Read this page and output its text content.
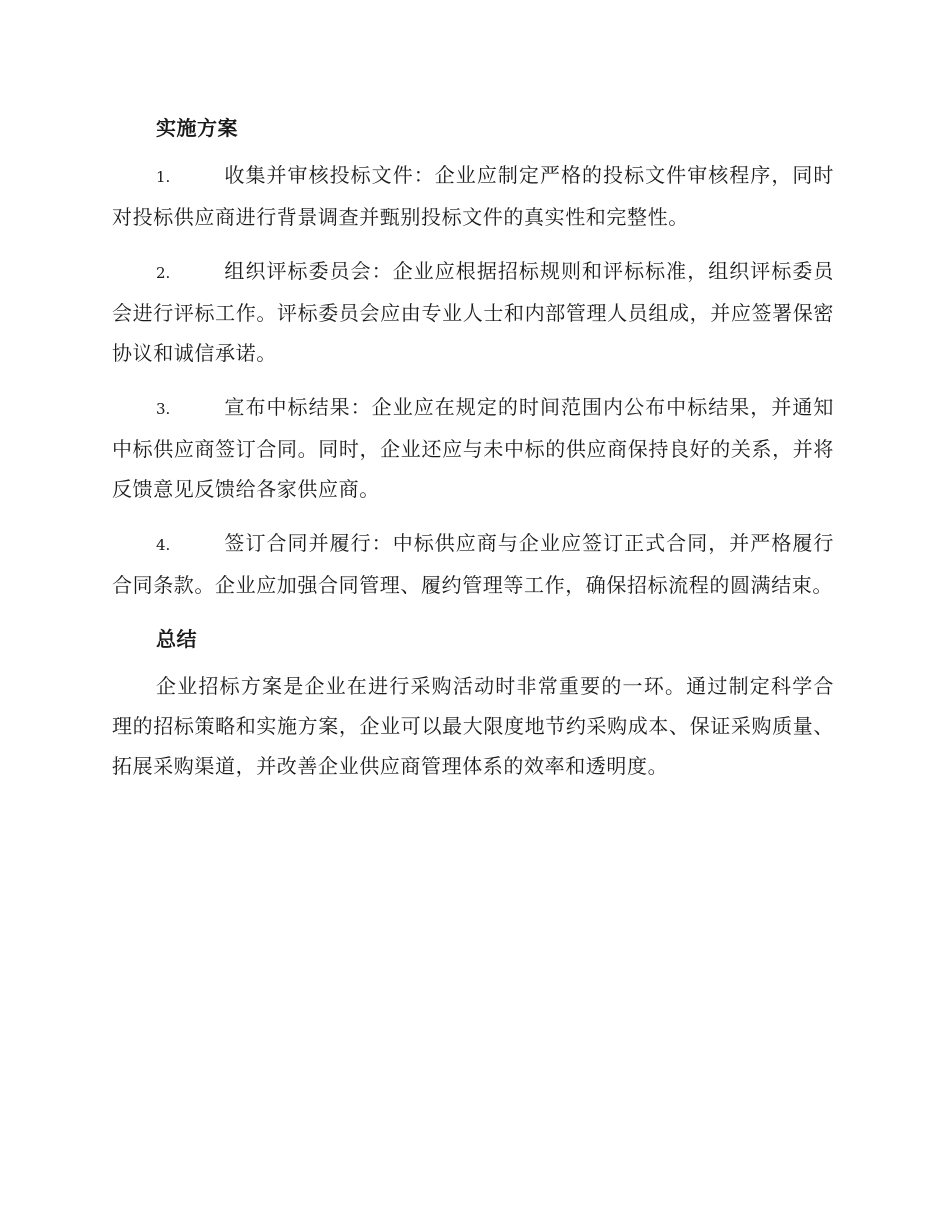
实施方案

1.	收集并审核投标文件：企业应制定严格的投标文件审核程序，同时对投标供应商进行背景调查并甄别投标文件的真实性和完整性。

2.	组织评标委员会：企业应根据招标规则和评标标准，组织评标委员会进行评标工作。评标委员会应由专业人士和内部管理人员组成，并应签署保密协议和诚信承诺。

3.	宣布中标结果：企业应在规定的时间范围内公布中标结果，并通知中标供应商签订合同。同时，企业还应与未中标的供应商保持良好的关系，并将反馈意见反馈给各家供应商。

4.	签订合同并履行：中标供应商与企业应签订正式合同，并严格履行合同条款。企业应加强合同管理、履约管理等工作，确保招标流程的圆满结束。

总结

企业招标方案是企业在进行采购活动时非常重要的一环。通过制定科学合理的招标策略和实施方案，企业可以最大限度地节约采购成本、保证采购质量、拓展采购渠道，并改善企业供应商管理体系的效率和透明度。
